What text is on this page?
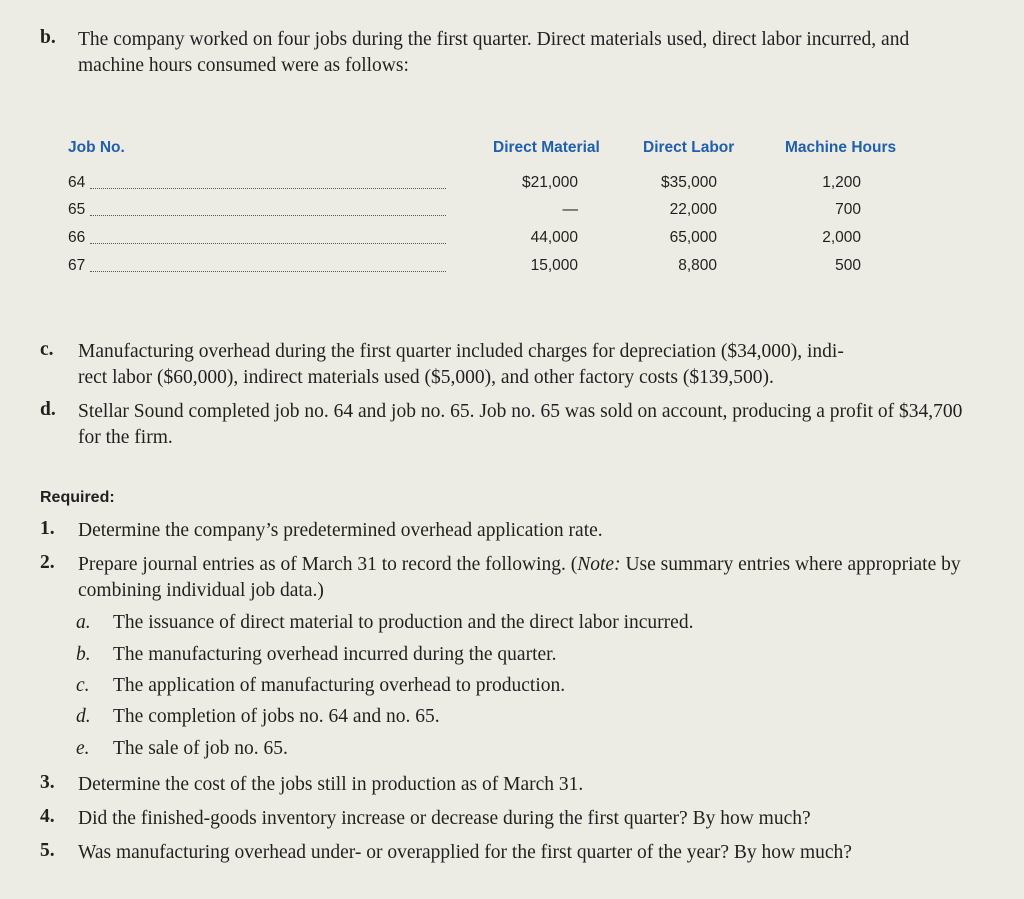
b. The company worked on four jobs during the first quarter. Direct materials used, direct labor incurred, and machine hours consumed were as follows:
Job No.	Direct Material	Direct Labor	Machine Hours
64	$21,000	$35,000	1,200
65	—	22,000	700
66	44,000	65,000	2,000
67	15,000	8,800	500
c. Manufacturing overhead during the first quarter included charges for depreciation ($34,000), indi-
rect labor ($60,000), indirect materials used ($5,000), and other factory costs ($139,500).
d. Stellar Sound completed job no. 64 and job no. 65. Job no. 65 was sold on account, producing a profit of $34,700 for the firm.
Required:
1. Determine the company’s predetermined overhead application rate.
2. Prepare journal entries as of March 31 to record the following. (Note: Use summary entries where appropriate by combining individual job data.)
a. The issuance of direct material to production and the direct labor incurred.
b. The manufacturing overhead incurred during the quarter.
c. The application of manufacturing overhead to production.
d. The completion of jobs no. 64 and no. 65.
e. The sale of job no. 65.
3. Determine the cost of the jobs still in production as of March 31.
4. Did the finished-goods inventory increase or decrease during the first quarter? By how much?
5. Was manufacturing overhead under- or overapplied for the first quarter of the year? By how much?
